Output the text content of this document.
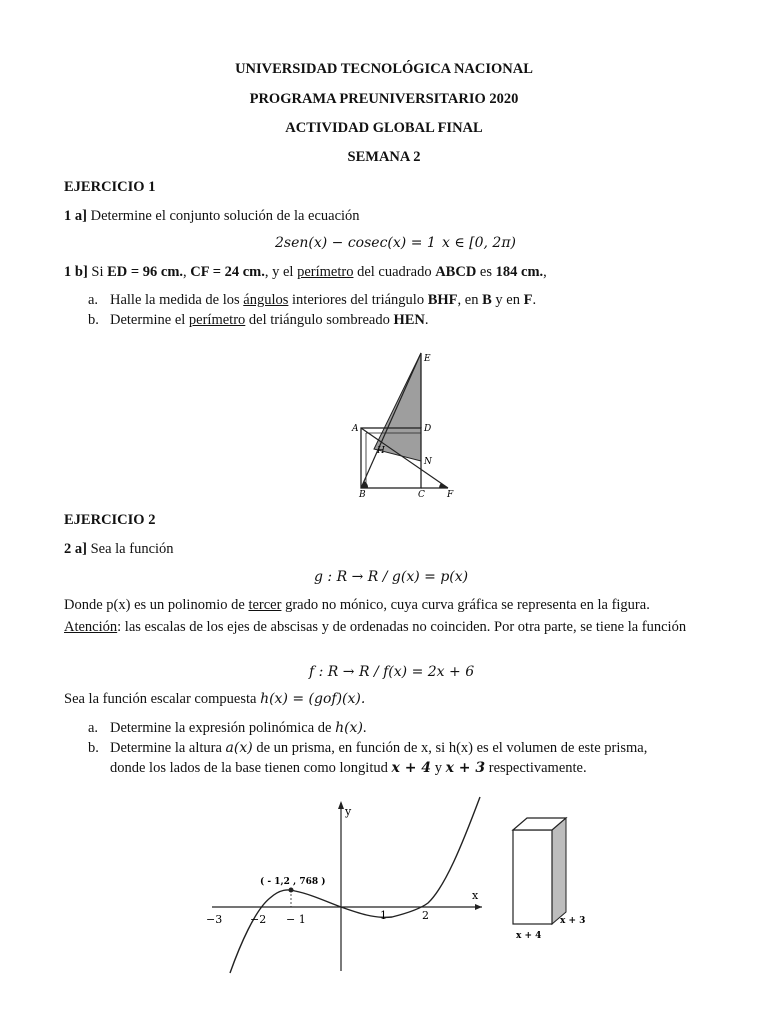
UNIVERSIDAD TECNOLÓGICA NACIONAL
PROGRAMA PREUNIVERSITARIO 2020
ACTIVIDAD GLOBAL FINAL
SEMANA 2
EJERCICIO 1
1 a] Determine el conjunto solución de la ecuación
2sen(x) − cosec(x) = 1 x ∈ [0, 2π)
1 b] Si ED = 96 cm., CF = 24 cm., y el perímetro del cuadrado ABCD es 184 cm.,
a. Halle la medida de los ángulos interiores del triángulo BHF, en B y en F.
b. Determine el perímetro del triángulo sombreado HEN.
E
A	D
H
N
B	C F
EJERCICIO 2
2 a] Sea la función
g : R → R / g(x) = p(x)
Donde p(x) es un polinomio de tercer grado no mónico, cuya curva gráfica se representa en la figura.
Atención: las escalas de los ejes de abscisas y de ordenadas no coinciden. Por otra parte, se tiene la función
f : R → R / f(x) = 2x + 6
Sea la función escalar compuesta h(x) = (gof)(x).
a. Determine la expresión polinómica de h(x).
b. Determine la altura a(x) de un prisma, en función de x, si h(x) es el volumen de este prisma,
donde los lados de la base tienen como longitud x + 4 y x + 3 respectivamente.
y
x
( - 1,2 , 768 )
−3	−2 − 1	1	2
x + 4
x + 3
